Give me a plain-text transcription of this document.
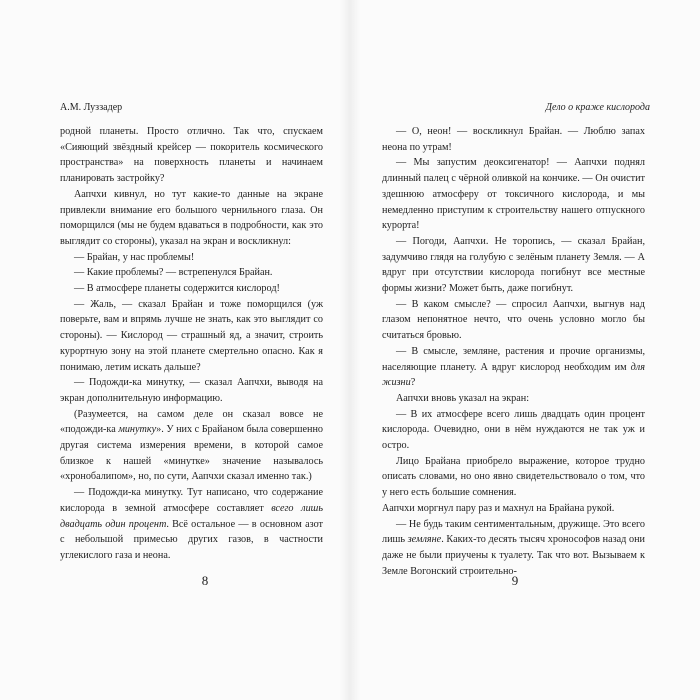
А.М. Луззадер

родной планеты. Просто отлично. Так что, спускаем «Сияющий звёздный крейсер — покоритель космического пространства» на поверхность планеты и начинаем планировать застройку?

Аапчхи кивнул, но тут какие-то данные на экране привлекли внимание его большого чернильного глаза. Он поморщился (мы не будем вдаваться в подробности, как это выглядит со стороны), указал на экран и воскликнул:

— Брайан, у нас проблемы!

— Какие проблемы? — встрепенулся Брайан.

— В атмосфере планеты содержится кислород!

— Жаль, — сказал Брайан и тоже поморщился (уж поверьте, вам и впрямь лучше не знать, как это выглядит со стороны). — Кислород — страшный яд, а значит, строить курортную зону на этой планете смертельно опасно. Как я понимаю, летим искать дальше?

— Подожди-ка минутку, — сказал Аапчхи, выводя на экран дополнительную информацию.

(Разумеется, на самом деле он сказал вовсе не «подожди-ка минутку». У них с Брайаном была совершенно другая система измерения времени, в которой самое близкое к нашей «минутке» значение называлось «хронобалипом», но, по сути, Аапчхи сказал именно так.)

— Подожди-ка минутку. Тут написано, что содержание кислорода в земной атмосфере составляет всего лишь двадцать один процент. Всё остальное — в основном азот с небольшой примесью других газов, в частности углекислого газа и неона.

8
Дело о краже кислорода

— О, неон! — воскликнул Брайан. — Люблю запах неона по утрам!

— Мы запустим деоксигенатор! — Аапчхи поднял длинный палец с чёрной оливкой на кончике. — Он очистит здешнюю атмосферу от токсичного кислорода, и мы немедленно приступим к строительству нашего отпускного курорта!

— Погоди, Аапчхи. Не торопись, — сказал Брайан, задумчиво глядя на голубую с зелёным планету Земля. — А вдруг при отсутствии кислорода погибнут все местные формы жизни? Может быть, даже погибнут.

— В каком смысле? — спросил Аапчхи, выгнув над глазом непонятное нечто, что очень условно могло бы считаться бровью.

— В смысле, земляне, растения и прочие организмы, населяющие планету. А вдруг кислород необходим им для жизни?

Аапчхи вновь указал на экран:

— В их атмосфере всего лишь двадцать один процент кислорода. Очевидно, они в нём нуждаются не так уж и остро.

Лицо Брайана приобрело выражение, которое трудно описать словами, но оно явно свидетельствовало о том, что у него есть большие сомнения.

Аапчхи моргнул пару раз и махнул на Брайана рукой.

— Не будь таким сентиментальным, дружище. Это всего лишь земляне. Каких-то десять тысяч хронософов назад они даже не были приучены к туалету. Так что вот. Вызываем к Земле Вогонский строительно-

9
